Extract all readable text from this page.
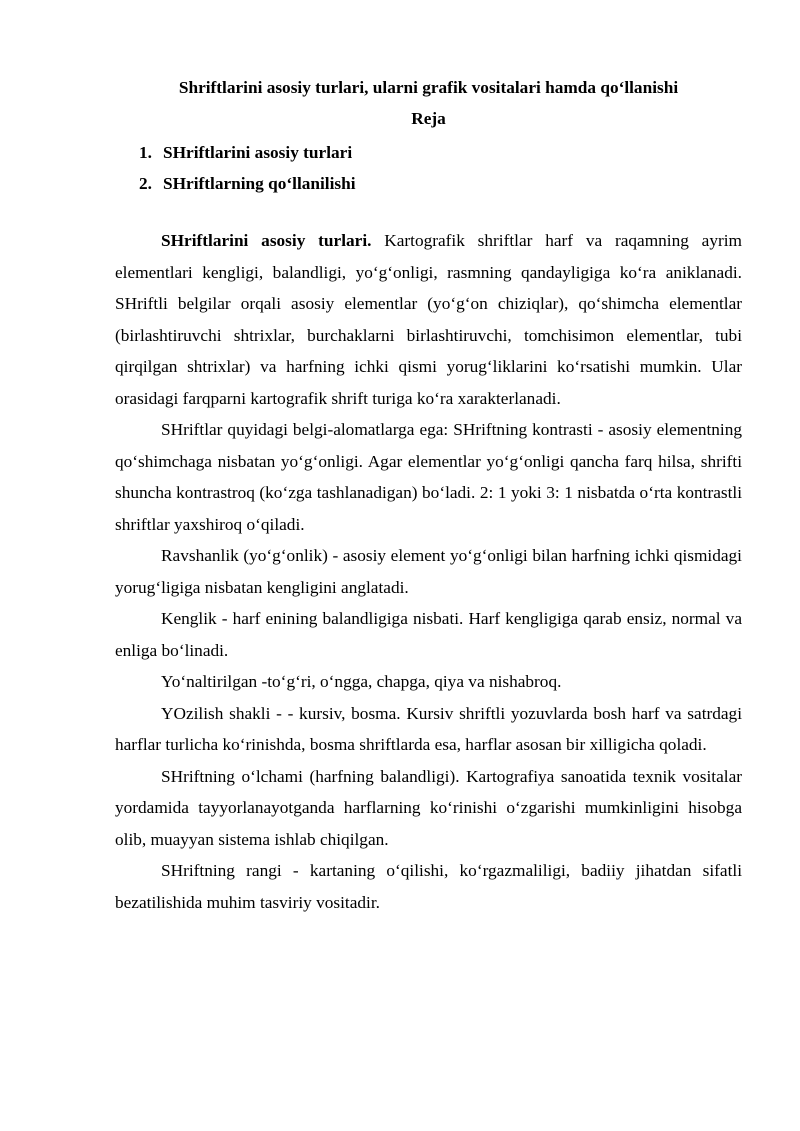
Shriftlarini asosiy turlari, ularni grafik vositalari hamda qo‘llanishi
Reja
1. SHriftlarini asosiy turlari
2. SHriftlarning qo‘llanilishi

SHriftlarini asosiy turlari. Kartografik shriftlar harf va raqamning ayrim elementlari kengligi, balandligi, yo‘g‘onligi, rasmning qandayligiga ko‘ra aniklanadi. SHriftli belgilar orqali asosiy elementlar (yo‘g‘on chiziqlar), qo‘shimcha elementlar (birlashtiruvchi shtrixlar, burchaklarni birlashtiruvchi, tomchisimon elementlar, tubi qirqilgan shtrixlar) va harfning ichki qismi yorug‘liklarini ko‘rsatishi mumkin. Ular orasidagi farqparni kartografik shrift turiga ko‘ra xarakterlanadi.

SHriftlar quyidagi belgi-alomatlarga ega: SHriftning kontrasti - asosiy elementning qo‘shimchaga nisbatan yo‘g‘onligi. Agar elementlar yo‘g‘onligi qancha farq hilsa, shrifti shuncha kontrastroq (ko‘zga tashlanadigan) bo‘ladi. 2: 1 yoki 3: 1 nisbatda o‘rta kontrastli shriftlar yaxshiroq o‘qiladi.

Ravshanlik (yo‘g‘onlik) - asosiy element yo‘g‘onligi bilan harfning ichki qismidagi yorug‘ligiga nisbatan kengligini anglatadi.

Kenglik - harf enining balandligiga nisbati. Harf kengligiga qarab ensiz, normal va enliga bo‘linadi.

Yo‘naltirilgan -to‘g‘ri, o‘ngga, chapga, qiya va nishabroq.

YOzilish shakli - - kursiv, bosma. Kursiv shriftli yozuvlarda bosh harf va satrdagi harflar turlicha ko‘rinishda, bosma shriftlarda esa, harflar asosan bir xilligicha qoladi.

SHriftning o‘lchami (harfning balandligi). Kartografiya sanoatida texnik vositalar yordamida tayyorlanayotganda harflarning ko‘rinishi o‘zgarishi mumkinligini hisobga olib, muayyan sistema ishlab chiqilgan.

SHriftning rangi - kartaning o‘qilishi, ko‘rgazmaliligi, badiiy jihatdan sifatli bezatilishida muhim tasviriy vositadir.
